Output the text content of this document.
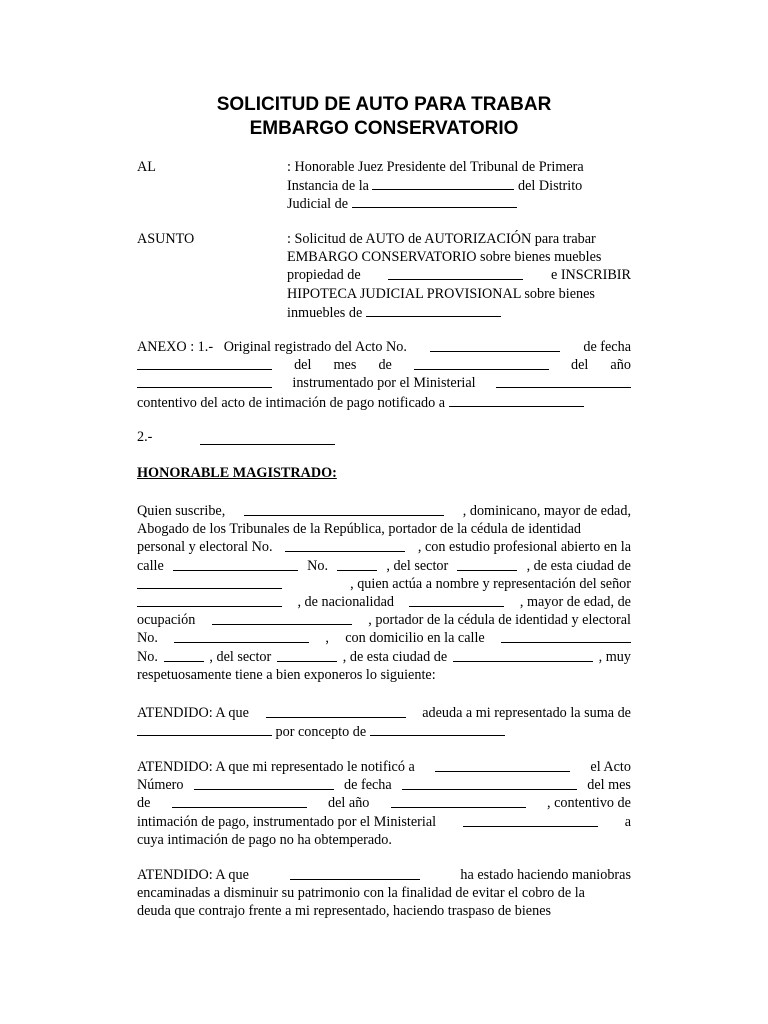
SOLICITUD DE AUTO PARA TRABAR
EMBARGO CONSERVATORIO
AL	: Honorable Juez Presidente del Tribunal de Primera
Instancia de la	del Distrito
Judicial de
ASUNTO	: Solicitud de AUTO de AUTORIZACIÓN para trabar
EMBARGO CONSERVATORIO sobre bienes muebles
propiedad de	e INSCRIBIR
HIPOTECA JUDICIAL PROVISIONAL sobre bienes
inmuebles de
ANEXO : 1.-   Original registrado del Acto No.	de fecha
del mes de	del año
instrumentado por el Ministerial
contentivo del acto de intimación de pago notificado a
2.-
HONORABLE MAGISTRADO:
Quien suscribe,	, dominicano, mayor de edad,
Abogado de los Tribunales de la República, portador de la cédula de identidad
personal y electoral No.	, con estudio profesional abierto en la
calle	No.	, del sector	, de esta ciudad de
, quien actúa a nombre y representación del señor
, de nacionalidad	, mayor de edad, de
ocupación	, portador de la cédula de identidad y electoral
No.	, con domicilio en la calle
No.	, del sector	, de esta ciudad de	, muy
respetuosamente tiene a bien exponeros lo siguiente:
ATENDIDO: A que	adeuda a mi representado la suma de
por concepto de
ATENDIDO: A que mi representado le notificó a	el Acto
Número	de fecha	del mes
de	del año	, contentivo de
intimación de pago, instrumentado por el Ministerial	a
cuya intimación de pago no ha obtemperado.
ATENDIDO: A que	ha estado haciendo maniobras
encaminadas a disminuir su patrimonio con la finalidad de evitar el cobro de la
deuda que contrajo frente a mi representado, haciendo traspaso de bienes
